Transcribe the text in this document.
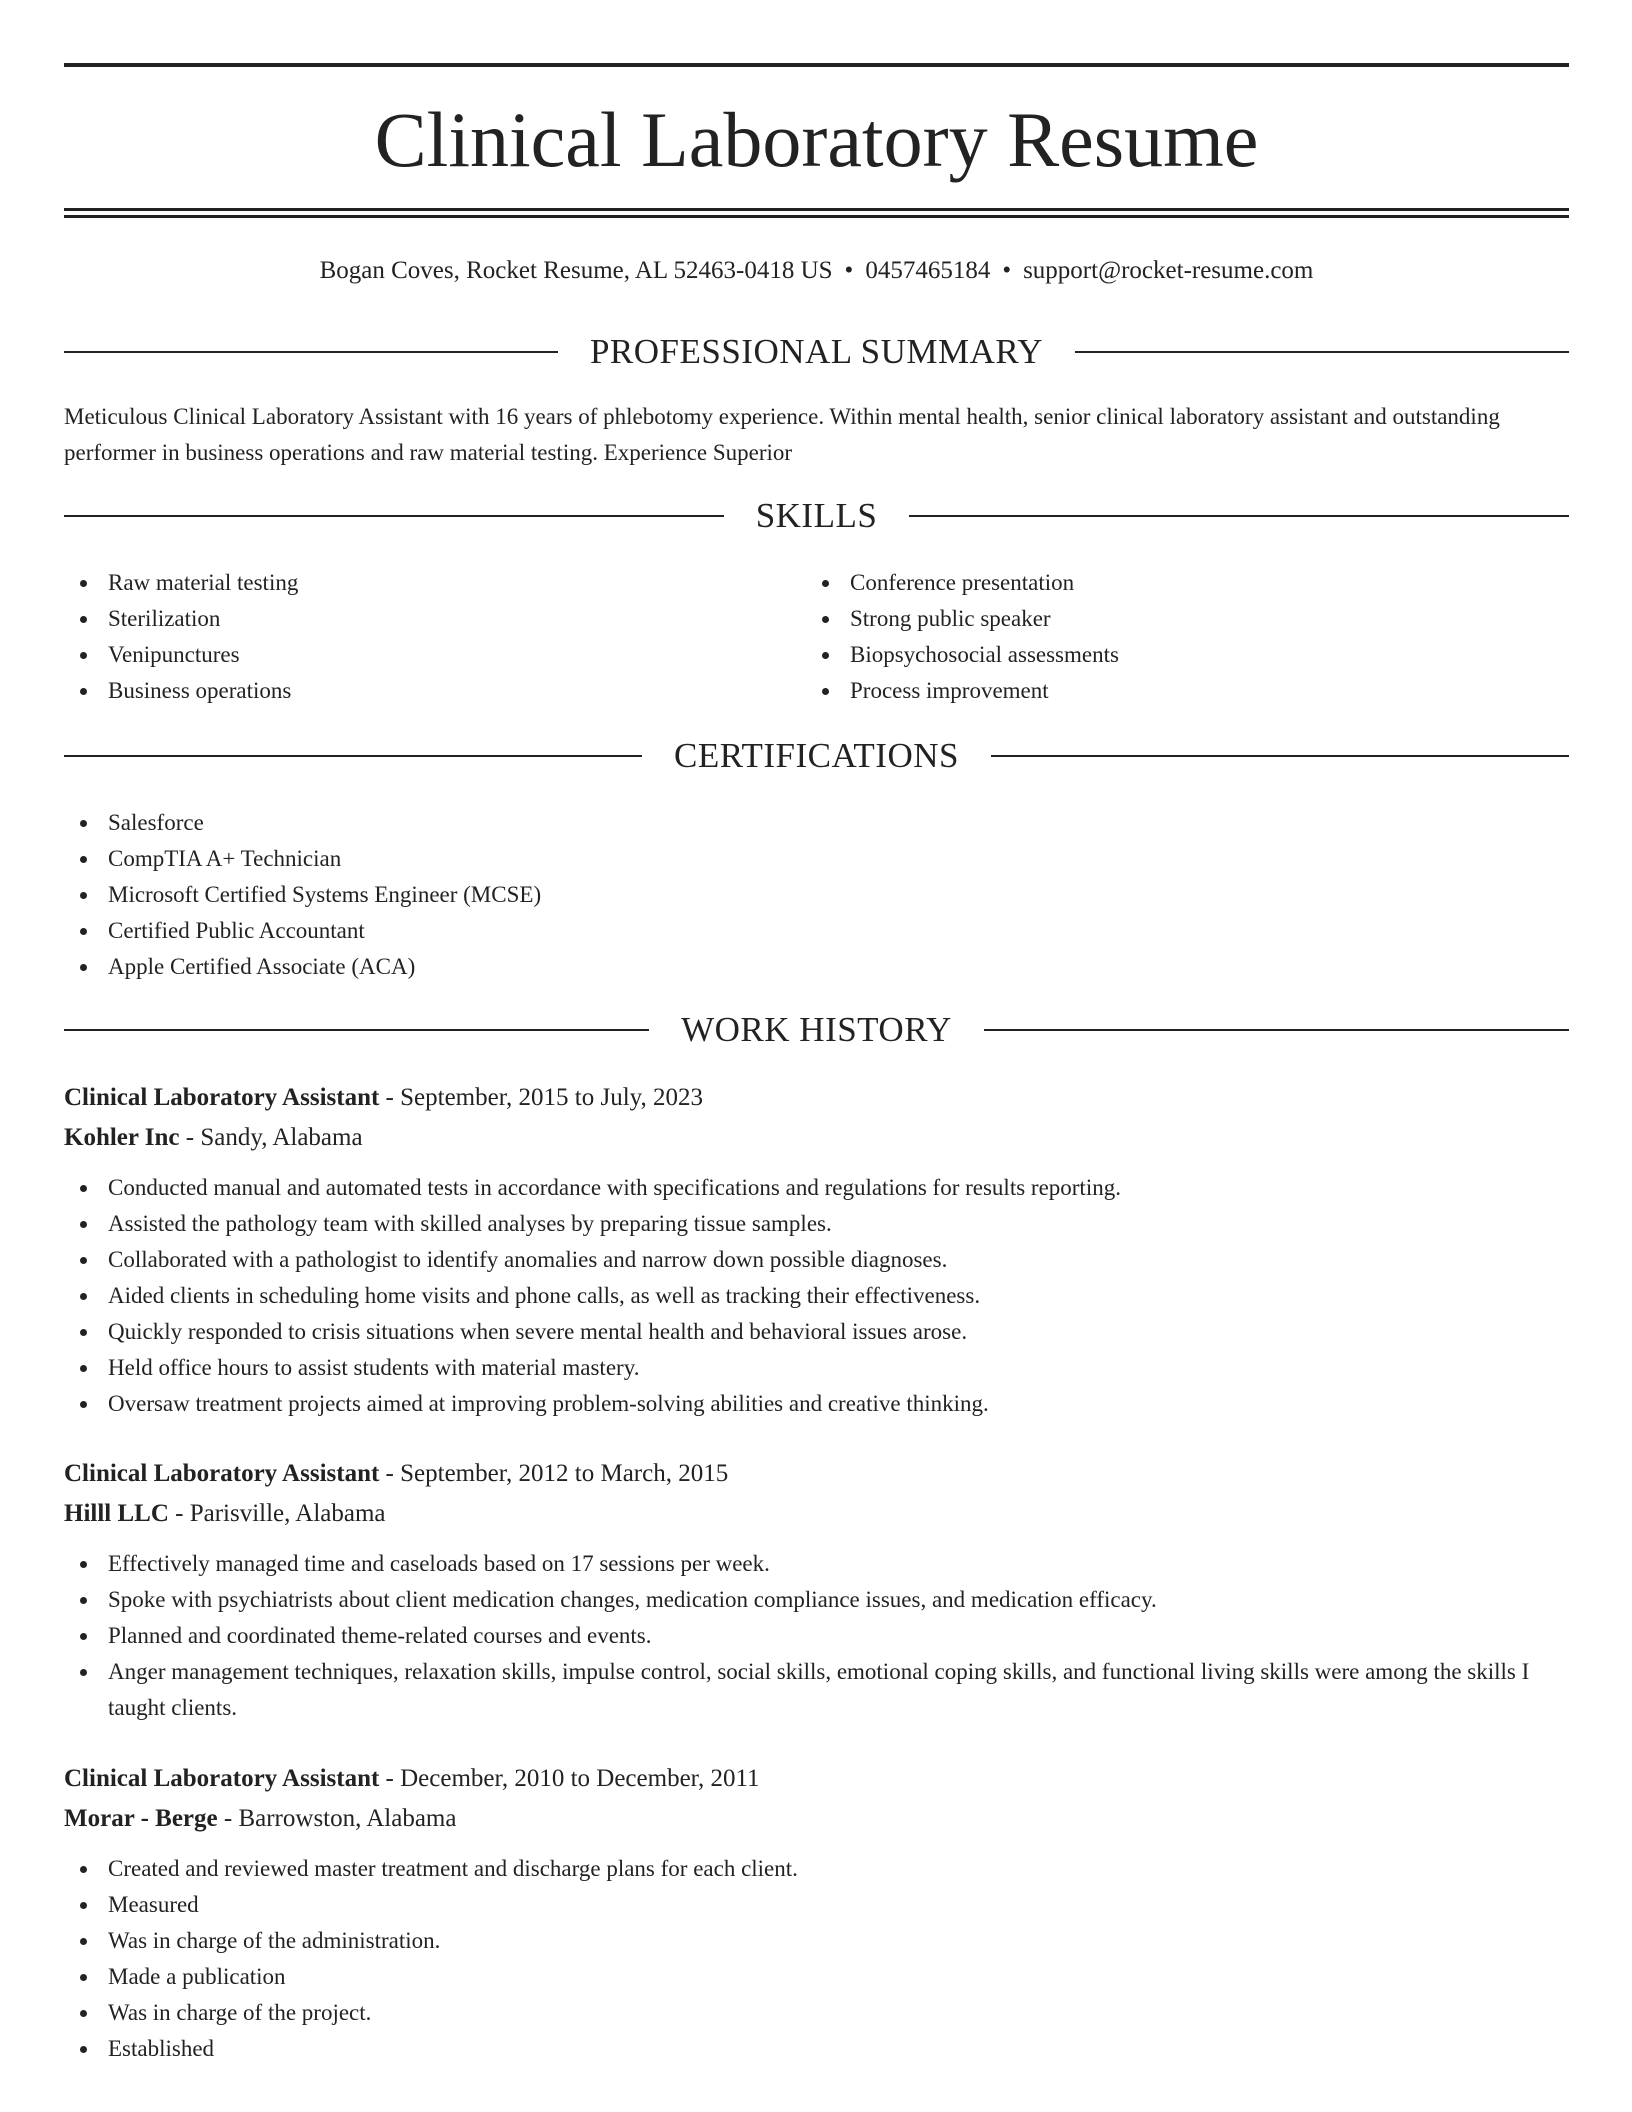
Clinical Laboratory Resume
Bogan Coves, Rocket Resume, AL 52463-0418 US • 0457465184 • support@rocket-resume.com
PROFESSIONAL SUMMARY
Meticulous Clinical Laboratory Assistant with 16 years of phlebotomy experience. Within mental health, senior clinical laboratory assistant and outstanding performer in business operations and raw material testing. Experience Superior
SKILLS
Raw material testing
Sterilization
Venipunctures
Business operations
Conference presentation
Strong public speaker
Biopsychosocial assessments
Process improvement
CERTIFICATIONS
Salesforce
CompTIA A+ Technician
Microsoft Certified Systems Engineer (MCSE)
Certified Public Accountant
Apple Certified Associate (ACA)
WORK HISTORY
Clinical Laboratory Assistant - September, 2015 to July, 2023
Kohler Inc - Sandy, Alabama
Conducted manual and automated tests in accordance with specifications and regulations for results reporting.
Assisted the pathology team with skilled analyses by preparing tissue samples.
Collaborated with a pathologist to identify anomalies and narrow down possible diagnoses.
Aided clients in scheduling home visits and phone calls, as well as tracking their effectiveness.
Quickly responded to crisis situations when severe mental health and behavioral issues arose.
Held office hours to assist students with material mastery.
Oversaw treatment projects aimed at improving problem-solving abilities and creative thinking.
Clinical Laboratory Assistant - September, 2012 to March, 2015
Hilll LLC - Parisville, Alabama
Effectively managed time and caseloads based on 17 sessions per week.
Spoke with psychiatrists about client medication changes, medication compliance issues, and medication efficacy.
Planned and coordinated theme-related courses and events.
Anger management techniques, relaxation skills, impulse control, social skills, emotional coping skills, and functional living skills were among the skills I taught clients.
Clinical Laboratory Assistant - December, 2010 to December, 2011
Morar - Berge - Barrowston, Alabama
Created and reviewed master treatment and discharge plans for each client.
Measured
Was in charge of the administration.
Made a publication
Was in charge of the project.
Established
